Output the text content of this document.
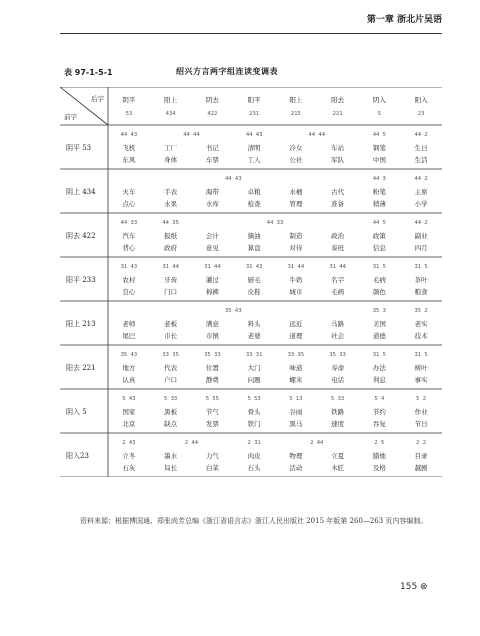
第一章 浙北片吴语
表 97-1-5-1	绍兴方言两字组连读变调表
后字
前字
阴平
53
阳上
434
阴去
422
阳平
231
阳上
215
阳去
221
阴入
5
阳入
23
阴平 53
44 43
飞机
东风
44 44
工厂
身体
书记
车票
44 43
清明
工人
44 44
冷女
公社
车站
军队
44 5
钢笔
中国
44 2
生日
生活
阴上 434
44 43
火车
点心
手表
水果
海带
水库
卓粮
检查
水桶
管理
古代
准备
44 3
粉笔
稍薄
44 2
主席
小学
阴去 422
44 33
汽车
背心
44 35
报纸
政府
44 33
会计
意见
摘油
算盘
制造
对待
政治
泰班
44 5
政策
信息
44 2
副业
四月
阳平 233
31 43
农村
良心
31 44
牙齿
门口
31 44
灌过
棉裤
31 43
厨毛
皮鞋
31 44
牛奶
城市
31 44
名字
毛病
31 5
毛病
颜色
31 5
茶叶
粮食
阳上 213
35 43
老师
尾巴
老板
市长
满意
市镇
料头
老婆
远近
道理
马路
社会
35 3
美国
道德
35 2
老实
技术
阳去 221
35 43
地方
认真
33 35
代表
户口
35 33
位置
静费
33 31
大门
问题
33 35
味道
螺米
35 33
寿命
电话
31 5
办法
利息
31 5
树叶
事实
阴入 5
5 43
国家
北京
5 33
黑板
缺点
5 55
节气
发票
5 53
骨头
铁门
5 13
谷雨
黑马
5 33
铁路
速度
5 4
节约
吞复
5 2
作业
节日
阳入23
2 43
立冬
石灰
2 44
墨水
局长
力气
白菜
2 31
肉皮
石头
2 44
物理
活动
立夏
木匠
2 5
腊烛
及格
2 2
目录
越剧
资料来源：根据傅国通、郑张尚芳总编《浙江省语言志》浙江人民出版社 2015 年版第 260—263 页内容编制。
155 ⊗
